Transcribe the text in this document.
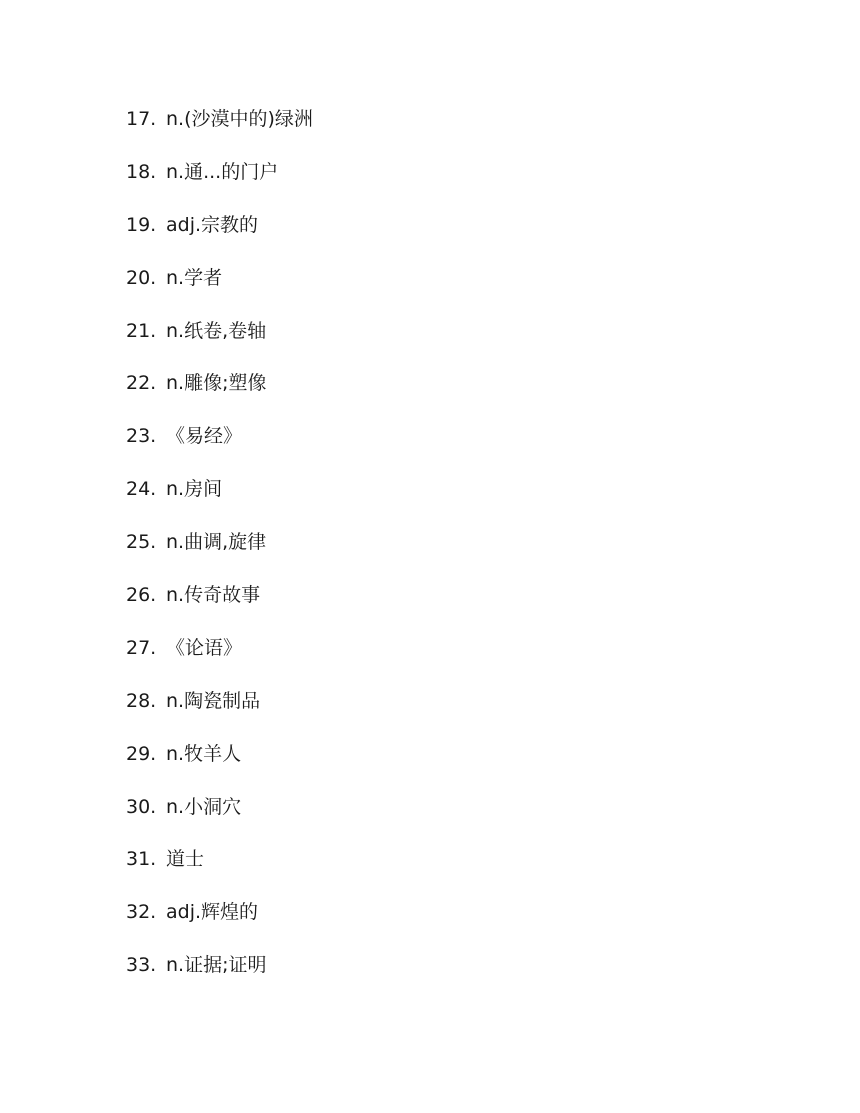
17. n.(沙漠中的)绿洲
18. n.通...的门户
19. adj.宗教的
20. n.学者
21. n.纸卷,卷轴
22. n.雕像;塑像
23. 《易经》
24. n.房间
25. n.曲调,旋律
26. n.传奇故事
27. 《论语》
28. n.陶瓷制品
29. n.牧羊人
30. n.小洞穴
31. 道士
32. adj.辉煌的
33. n.证据;证明
